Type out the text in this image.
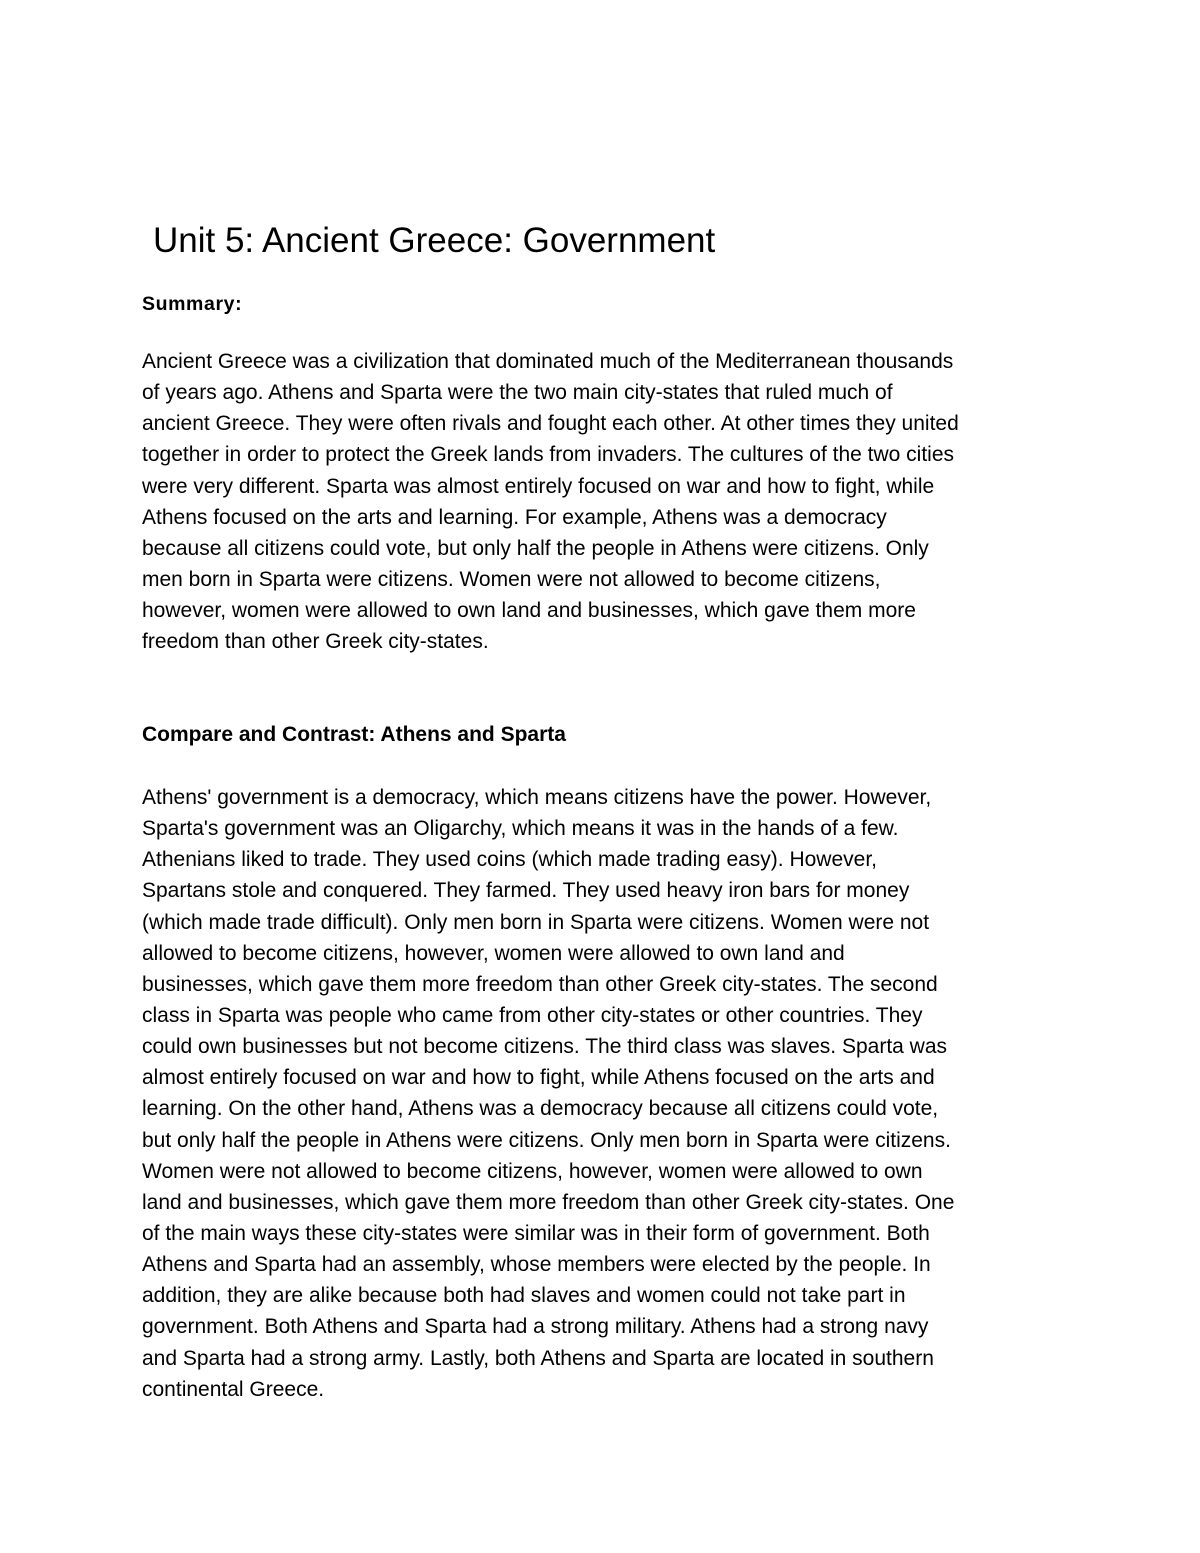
Unit 5: Ancient Greece: Government
Summary:
Ancient Greece was a civilization that dominated much of the Mediterranean thousands
of years ago. Athens and Sparta were the two main city-states that ruled much of
ancient Greece. They were often rivals and fought each other. At other times they united
together in order to protect the Greek lands from invaders. The cultures of the two cities
were very different. Sparta was almost entirely focused on war and how to fight, while
Athens focused on the arts and learning. For example, Athens was a democracy
because all citizens could vote, but only half the people in Athens were citizens. Only
men born in Sparta were citizens. Women were not allowed to become citizens,
however, women were allowed to own land and businesses, which gave them more
freedom than other Greek city-states.
Compare and Contrast: Athens and Sparta
Athens' government is a democracy, which means citizens have the power. However,
Sparta's government was an Oligarchy, which means it was in the hands of a few.
Athenians liked to trade. They used coins (which made trading easy). However,
Spartans stole and conquered. They farmed. They used heavy iron bars for money
(which made trade difficult). Only men born in Sparta were citizens. Women were not
allowed to become citizens, however, women were allowed to own land and
businesses, which gave them more freedom than other Greek city-states. The second
class in Sparta was people who came from other city-states or other countries. They
could own businesses but not become citizens. The third class was slaves. Sparta was
almost entirely focused on war and how to fight, while Athens focused on the arts and
learning. On the other hand, Athens was a democracy because all citizens could vote,
but only half the people in Athens were citizens. Only men born in Sparta were citizens.
Women were not allowed to become citizens, however, women were allowed to own
land and businesses, which gave them more freedom than other Greek city-states. One
of the main ways these city-states were similar was in their form of government. Both
Athens and Sparta had an assembly, whose members were elected by the people. In
addition, they are alike because both had slaves and women could not take part in
government. Both Athens and Sparta had a strong military. Athens had a strong navy
and Sparta had a strong army. Lastly, both Athens and Sparta are located in southern
continental Greece.
